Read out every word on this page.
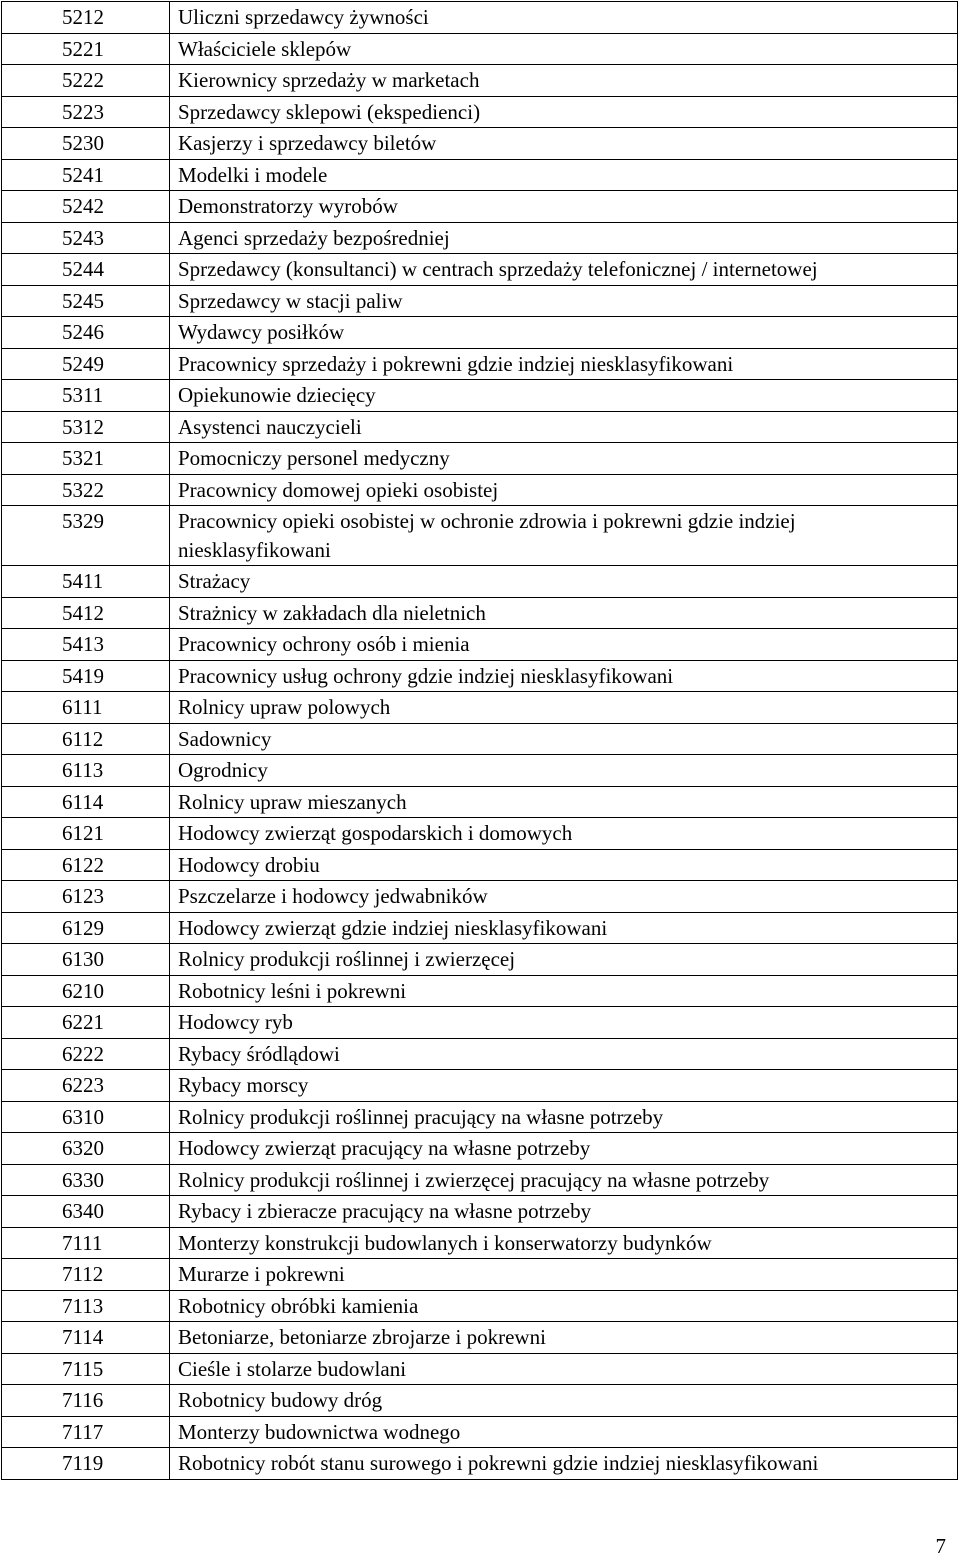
5212	Uliczni sprzedawcy żywności
5221	Właściciele sklepów
5222	Kierownicy sprzedaży w marketach
5223	Sprzedawcy sklepowi (ekspedienci)
5230	Kasjerzy i sprzedawcy biletów
5241	Modelki i modele
5242	Demonstratorzy wyrobów
5243	Agenci sprzedaży bezpośredniej
5244	Sprzedawcy (konsultanci) w centrach sprzedaży telefonicznej / internetowej
5245	Sprzedawcy w stacji paliw
5246	Wydawcy posiłków
5249	Pracownicy sprzedaży i pokrewni gdzie indziej niesklasyfikowani
5311	Opiekunowie dziecięcy
5312	Asystenci nauczycieli
5321	Pomocniczy personel medyczny
5322	Pracownicy domowej opieki osobistej
5329	Pracownicy opieki osobistej w ochronie zdrowia i pokrewni gdzie indziej niesklasyfikowani
5411	Strażacy
5412	Strażnicy w zakładach dla nieletnich
5413	Pracownicy ochrony osób i mienia
5419	Pracownicy usług ochrony gdzie indziej niesklasyfikowani
6111	Rolnicy upraw polowych
6112	Sadownicy
6113	Ogrodnicy
6114	Rolnicy upraw mieszanych
6121	Hodowcy zwierząt gospodarskich i domowych
6122	Hodowcy drobiu
6123	Pszczelarze i hodowcy jedwabników
6129	Hodowcy zwierząt gdzie indziej niesklasyfikowani
6130	Rolnicy produkcji roślinnej i zwierzęcej
6210	Robotnicy leśni i pokrewni
6221	Hodowcy ryb
6222	Rybacy śródlądowi
6223	Rybacy morscy
6310	Rolnicy produkcji roślinnej pracujący na własne potrzeby
6320	Hodowcy zwierząt pracujący na własne potrzeby
6330	Rolnicy produkcji roślinnej i zwierzęcej pracujący na własne potrzeby
6340	Rybacy i zbieracze pracujący na własne potrzeby
7111	Monterzy konstrukcji budowlanych i konserwatorzy budynków
7112	Murarze i pokrewni
7113	Robotnicy obróbki kamienia
7114	Betoniarze, betoniarze zbrojarze i pokrewni
7115	Cieśle i stolarze budowlani
7116	Robotnicy budowy dróg
7117	Monterzy budownictwa wodnego
7119	Robotnicy robót stanu surowego i pokrewni gdzie indziej niesklasyfikowani
7
